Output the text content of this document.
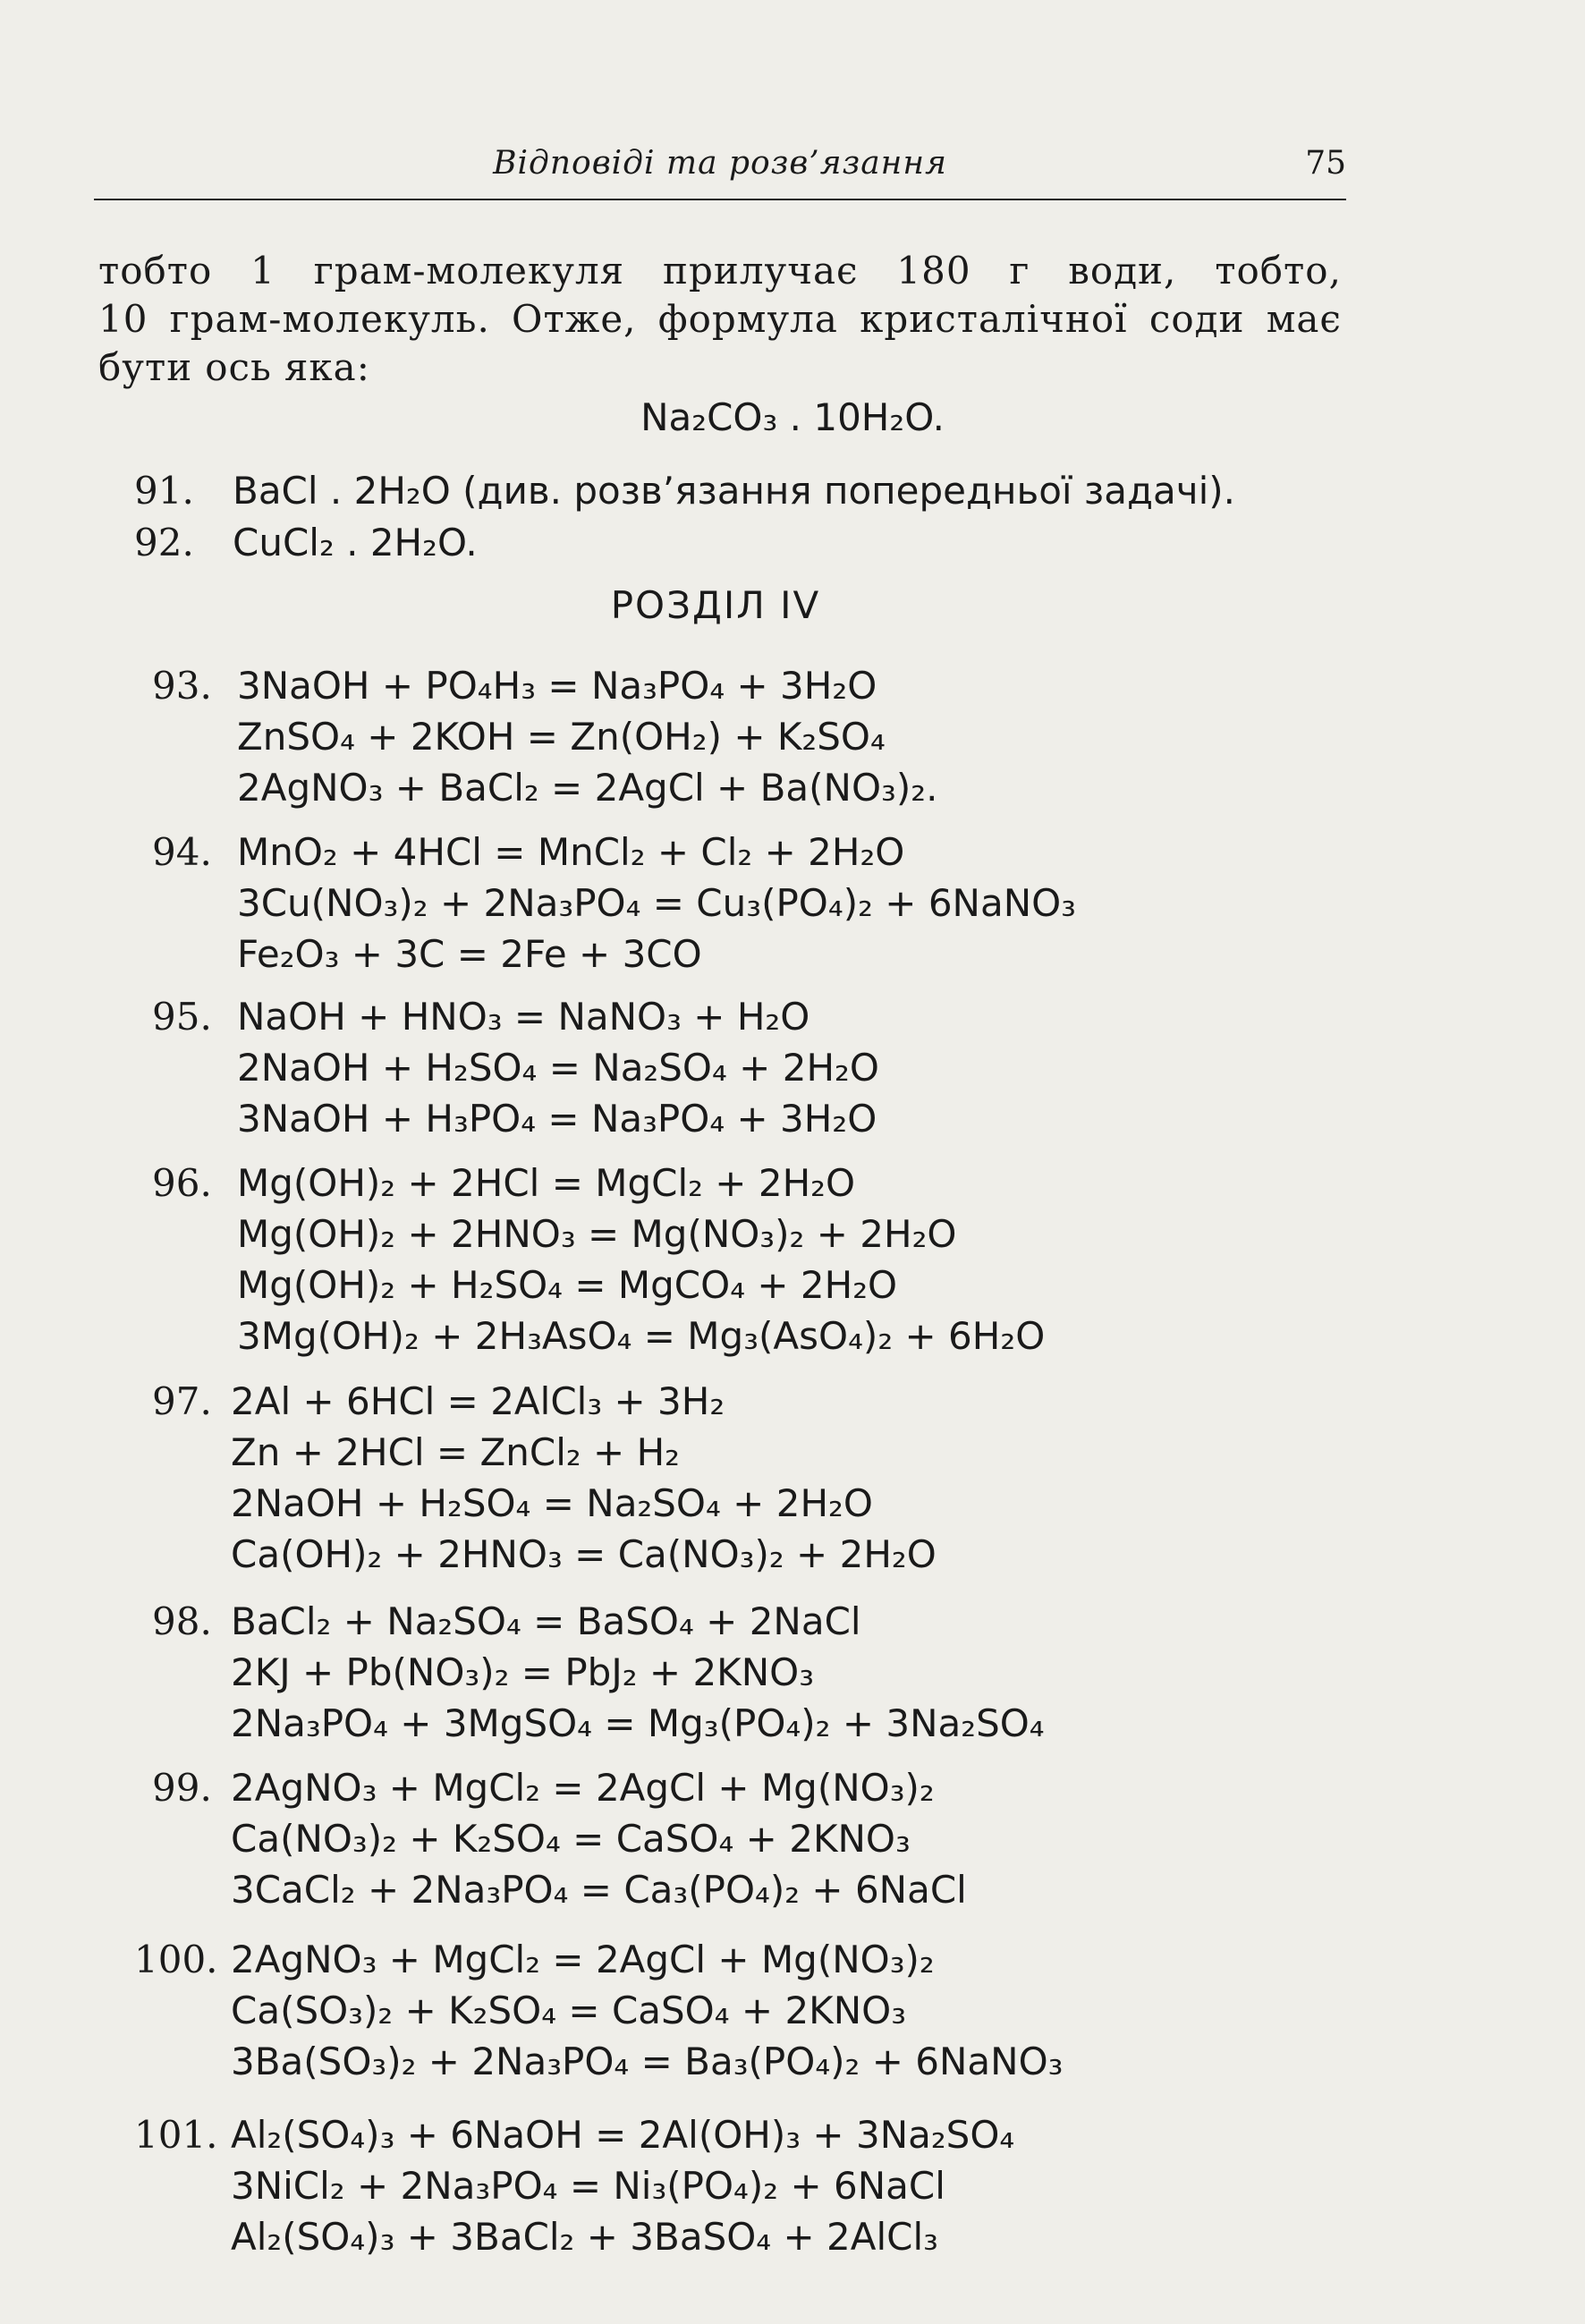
Відповіді та розв’язання	75
тобто 1 грам-молекуля прилучає 180 г води, тобто,
10 грам-молекуль. Отже, формула кристалічної соди має
бути ось яка:
Na₂CO₃ . 10H₂O.
91. BaCl . 2H₂O (див. розв’язання попередньої задачі).
92. CuCl₂ . 2H₂O.
РОЗДІЛ IV
93. 3NaOH + PO₄H₃ = Na₃PO₄ + 3H₂O
ZnSO₄ + 2KOH = Zn(OH₂) + K₂SO₄
2AgNO₃ + BaCl₂ = 2AgCl + Ba(NO₃)₂.
94. MnO₂ + 4HCl = MnCl₂ + Cl₂ + 2H₂O
3Cu(NO₃)₂ + 2Na₃PO₄ = Cu₃(PO₄)₂ + 6NaNO₃
Fe₂O₃ + 3C = 2Fe + 3CO
95. NaOH + HNO₃ = NaNO₃ + H₂O
2NaOH + H₂SO₄ = Na₂SO₄ + 2H₂O
3NaOH + H₃PO₄ = Na₃PO₄ + 3H₂O
96. Mg(OH)₂ + 2HCl = MgCl₂ + 2H₂O
Mg(OH)₂ + 2HNO₃ = Mg(NO₃)₂ + 2H₂O
Mg(OH)₂ + H₂SO₄ = MgCO₄ + 2H₂O
3Mg(OH)₂ + 2H₃AsO₄ = Mg₃(AsO₄)₂ + 6H₂O
97. 2Al + 6HCl = 2AlCl₃ + 3H₂
Zn + 2HCl = ZnCl₂ + H₂
2NaOH + H₂SO₄ = Na₂SO₄ + 2H₂O
Ca(OH)₂ + 2HNO₃ = Ca(NO₃)₂ + 2H₂O
98. BaCl₂ + Na₂SO₄ = BaSO₄ + 2NaCl
2KJ + Pb(NO₃)₂ = PbJ₂ + 2KNO₃
2Na₃PO₄ + 3MgSO₄ = Mg₃(PO₄)₂ + 3Na₂SO₄
99. 2AgNO₃ + MgCl₂ = 2AgCl + Mg(NO₃)₂
Ca(NO₃)₂ + K₂SO₄ = CaSO₄ + 2KNO₃
3CaCl₂ + 2Na₃PO₄ = Ca₃(PO₄)₂ + 6NaCl
100. 2AgNO₃ + MgCl₂ = 2AgCl + Mg(NO₃)₂
Ca(SO₃)₂ + K₂SO₄ = CaSO₄ + 2KNO₃
3Ba(SO₃)₂ + 2Na₃PO₄ = Ba₃(PO₄)₂ + 6NaNO₃
101. Al₂(SO₄)₃ + 6NaOH = 2Al(OH)₃ + 3Na₂SO₄
3NiCl₂ + 2Na₃PO₄ = Ni₃(PO₄)₂ + 6NaCl
Al₂(SO₄)₃ + 3BaCl₂ + 3BaSO₄ + 2AlCl₃
